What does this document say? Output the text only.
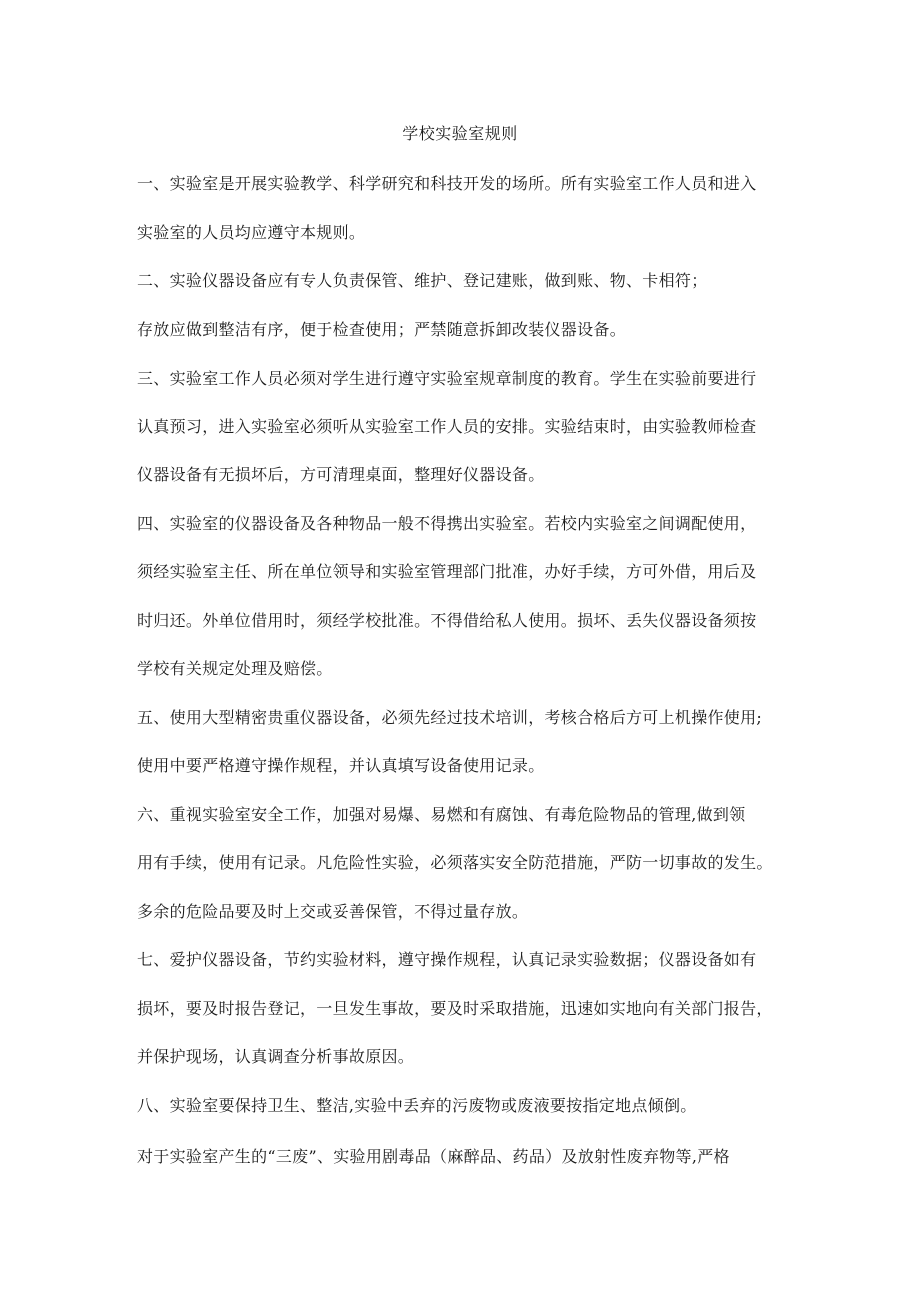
学校实验室规则
一、实验室是开展实验教学、科学研究和科技开发的场所。所有实验室工作人员和进入
实验室的人员均应遵守本规则。
二、实验仪器设备应有专人负责保管、维护、登记建账，做到账、物、卡相符；
存放应做到整洁有序，便于检查使用；严禁随意拆卸改装仪器设备。
三、实验室工作人员必须对学生进行遵守实验室规章制度的教育。学生在实验前要进行
认真预习，进入实验室必须听从实验室工作人员的安排。实验结束时，由实验教师检查
仪器设备有无损坏后，方可清理桌面，整理好仪器设备。
四、实验室的仪器设备及各种物品一般不得携出实验室。若校内实验室之间调配使用，
须经实验室主任、所在单位领导和实验室管理部门批准，办好手续，方可外借，用后及
时归还。外单位借用时，须经学校批准。不得借给私人使用。损坏、丢失仪器设备须按
学校有关规定处理及赔偿。
五、使用大型精密贵重仪器设备，必须先经过技术培训，考核合格后方可上机操作使用;
使用中要严格遵守操作规程，并认真填写设备使用记录。
六、重视实验室安全工作，加强对易爆、易燃和有腐蚀、有毒危险物品的管理,做到领
用有手续，使用有记录。凡危险性实验，必须落实安全防范措施，严防一切事故的发生。
多余的危险品要及时上交或妥善保管，不得过量存放。
七、爱护仪器设备，节约实验材料，遵守操作规程，认真记录实验数据；仪器设备如有
损坏，要及时报告登记，一旦发生事故，要及时采取措施，迅速如实地向有关部门报告，
并保护现场，认真调查分析事故原因。
八、实验室要保持卫生、整洁,实验中丢弃的污废物或废液要按指定地点倾倒。
对于实验室产生的“三废”、实验用剧毒品（麻醉品、药品）及放射性废弃物等,严格
